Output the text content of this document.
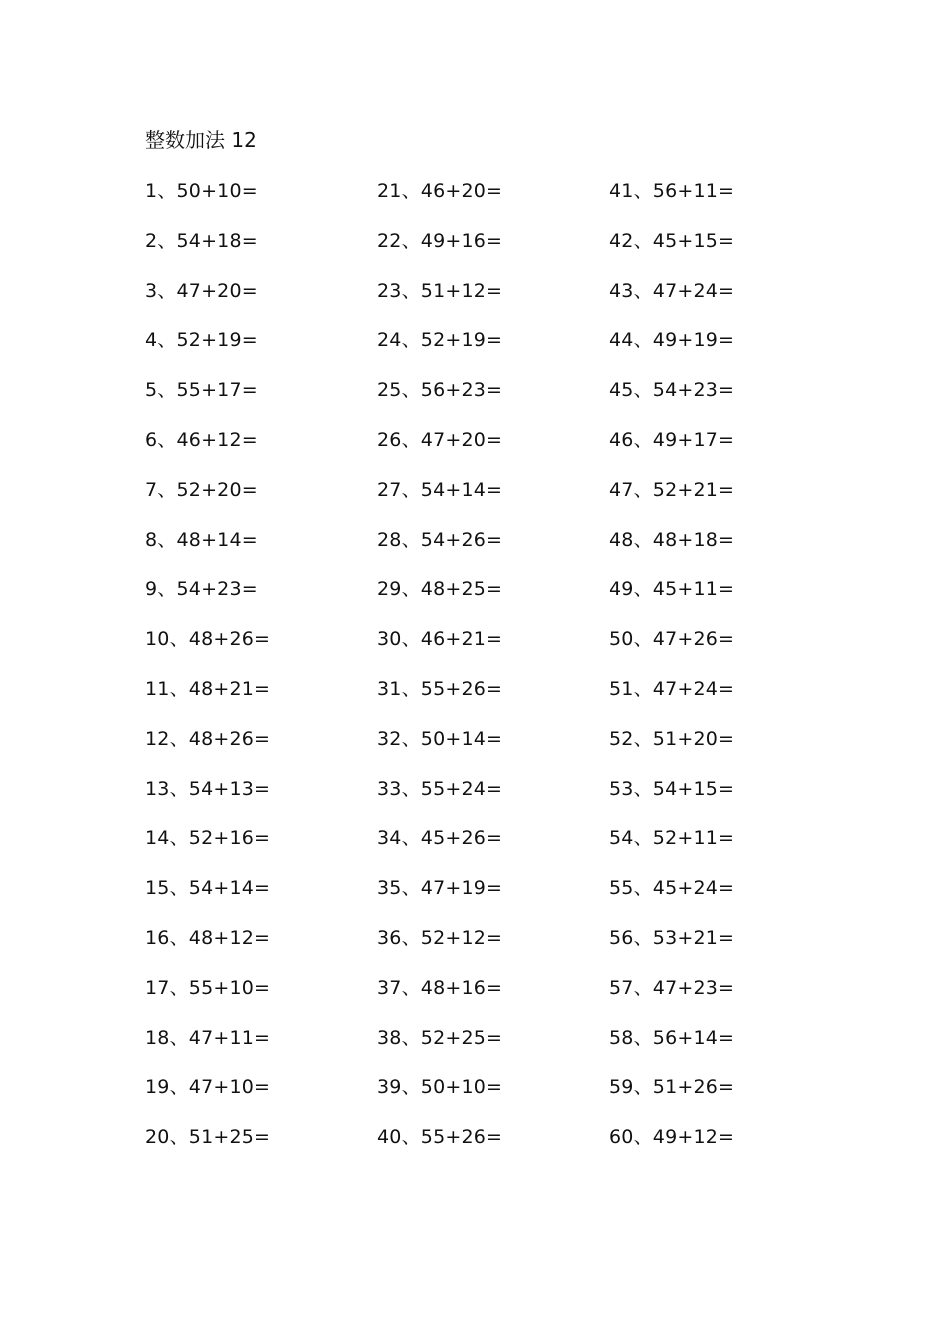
整数加法 12
1、50+10=
2、54+18=
3、47+20=
4、52+19=
5、55+17=
6、46+12=
7、52+20=
8、48+14=
9、54+23=
10、48+26=
11、48+21=
12、48+26=
13、54+13=
14、52+16=
15、54+14=
16、48+12=
17、55+10=
18、47+11=
19、47+10=
20、51+25=
21、46+20=
22、49+16=
23、51+12=
24、52+19=
25、56+23=
26、47+20=
27、54+14=
28、54+26=
29、48+25=
30、46+21=
31、55+26=
32、50+14=
33、55+24=
34、45+26=
35、47+19=
36、52+12=
37、48+16=
38、52+25=
39、50+10=
40、55+26=
41、56+11=
42、45+15=
43、47+24=
44、49+19=
45、54+23=
46、49+17=
47、52+21=
48、48+18=
49、45+11=
50、47+26=
51、47+24=
52、51+20=
53、54+15=
54、52+11=
55、45+24=
56、53+21=
57、47+23=
58、56+14=
59、51+26=
60、49+12=
